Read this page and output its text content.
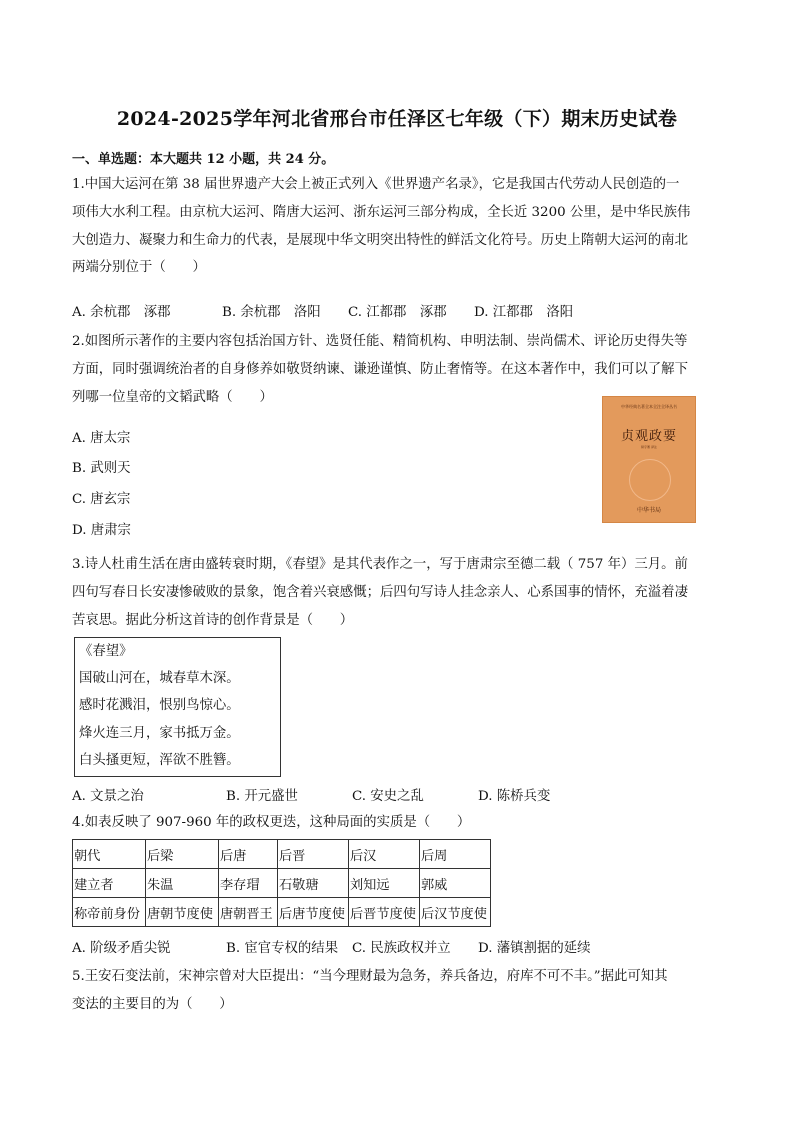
2024-2025学年河北省邢台市任泽区七年级（下）期末历史试卷
一、单选题：本大题共 12 小题，共 24 分。
1.中国大运河在第 38 届世界遗产大会上被正式列入《世界遗产名录》，它是我国古代劳动人民创造的一
项伟大水利工程。由京杭大运河、隋唐大运河、浙东运河三部分构成，全长近 3200 公里，是中华民族伟
大创造力、凝聚力和生命力的代表，是展现中华文明突出特性的鲜活文化符号。历史上隋朝大运河的南北
两端分别位于（　　）
A. 余杭郡　涿郡	B. 余杭郡　洛阳 C. 江都郡　涿郡 D. 江都郡　洛阳
2.如图所示著作的主要内容包括治国方针、选贤任能、精简机构、申明法制、崇尚儒术、评论历史得失等
方面，同时强调统治者的自身修养如敬贤纳谏、谦逊谨慎、防止奢惰等。在这本著作中，我们可以了解下
列哪一位皇帝的文韬武略（　　）
A. 唐太宗
B. 武则天
C. 唐玄宗
D. 唐肃宗
中华经典名著全本全注全译丛书
贞观政要
骈宇骞 译注
中华书局
3.诗人杜甫生活在唐由盛转衰时期，《春望》是其代表作之一，写于唐肃宗至德二载（ 757 年）三月。前
四句写春日长安凄惨破败的景象，饱含着兴衰感慨；后四句写诗人挂念亲人、心系国事的情怀，充溢着凄
苦哀思。据此分析这首诗的创作背景是（　　）
《春望》
国破山河在，城春草木深。
感时花溅泪，恨别鸟惊心。
烽火连三月，家书抵万金。
白头搔更短，浑欲不胜簪。
A. 文景之治	B. 开元盛世	C. 安史之乱	D. 陈桥兵变
4.如表反映了 907-960 年的政权更迭，这种局面的实质是（　　）
朝代	后梁	后唐	后晋	后汉	后周
建立者	朱温	李存瑁	石敬瑭	刘知远	郭威
称帝前身份	唐朝节度使	唐朝晋王	后唐节度使	后晋节度使	后汉节度使
A. 阶级矛盾尖锐	B. 宦官专权的结果 C. 民族政权并立 D. 藩镇割据的延续
5.王安石变法前，宋神宗曾对大臣提出：“当今理财最为急务，养兵备边，府库不可不丰。”据此可知其
变法的主要目的为（　　）
